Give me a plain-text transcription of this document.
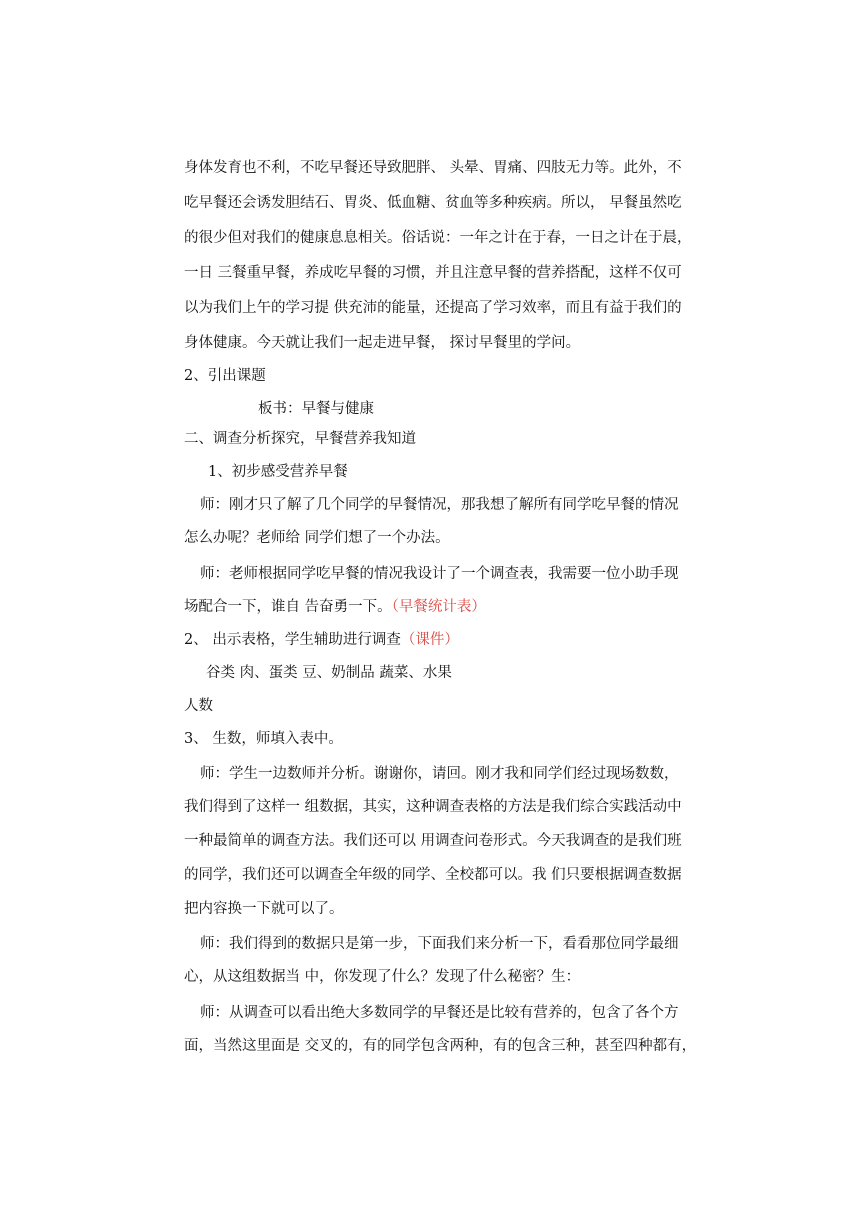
身体发育也不利，不吃早餐还导致肥胖、 头晕、胃痛、四肢无力等。此外，不
吃早餐还会诱发胆结石、胃炎、低血糖、贫血等多种疾病。所以， 早餐虽然吃
的很少但对我们的健康息息相关。俗话说：一年之计在于春，一日之计在于晨，
一日 三餐重早餐，养成吃早餐的习惯，并且注意早餐的营养搭配，这样不仅可
以为我们上午的学习提 供充沛的能量，还提高了学习效率，而且有益于我们的
身体健康。今天就让我们一起走进早餐， 探讨早餐里的学问。
2、引出课题
板书：早餐与健康
二、调查分析探究，早餐营养我知道
1、初步感受营养早餐
师：刚才只了解了几个同学的早餐情况，那我想了解所有同学吃早餐的情况
怎么办呢？老师给 同学们想了一个办法。
师：老师根据同学吃早餐的情况我设计了一个调查表，我需要一位小助手现
场配合一下，谁自 告奋勇一下。（早餐统计表）
2、 出示表格，学生辅助进行调查（课件）
谷类 肉、蛋类 豆、奶制品 蔬菜、水果
人数
3、 生数，师填入表中。
师：学生一边数师并分析。谢谢你，请回。刚才我和同学们经过现场数数，
我们得到了这样一 组数据，其实，这种调查表格的方法是我们综合实践活动中
一种最简单的调查方法。我们还可以 用调查问卷形式。今天我调查的是我们班
的同学，我们还可以调查全年级的同学、全校都可以。我 们只要根据调查数据
把内容换一下就可以了。
师：我们得到的数据只是第一步，下面我们来分析一下，看看那位同学最细
心，从这组数据当 中，你发现了什么？发现了什么秘密？生：
师：从调查可以看出绝大多数同学的早餐还是比较有营养的，包含了各个方
面，当然这里面是 交叉的，有的同学包含两种，有的包含三种，甚至四种都有，
